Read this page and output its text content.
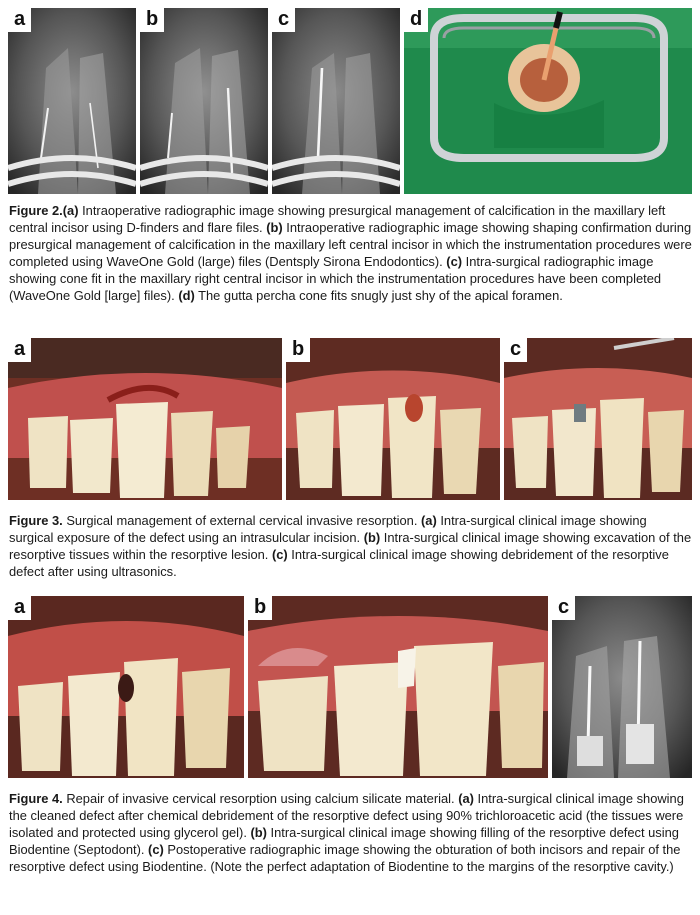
a	b	c	d

Figure 2.(a) Intraoperative radiographic image showing presurgical management of calcification in the maxillary left central incisor using D-finders and flare files. (b) Intraoperative radiographic image showing shaping confirmation during presurgical management of calcification in the maxillary left central incisor in which the instrumentation procedures were completed using WaveOne Gold (large) files (Dentsply Sirona Endodontics). (c) Intra-surgical radiographic image showing cone fit in the maxillary right central incisor in which the instrumentation procedures have been completed (WaveOne Gold [large] files). (d) The gutta percha cone fits snugly just shy of the apical foramen.

a	b	c

Figure 3. Surgical management of external cervical invasive resorption. (a) Intra-surgical clinical image showing surgical exposure of the defect using an intrasulcular incision. (b) Intra-surgical clinical image showing excavation of the resorptive tissues within the resorptive lesion. (c) Intra-surgical clinical image showing debridement of the resorptive defect after using ultrasonics.

a	b	c

Figure 4. Repair of invasive cervical resorption using calcium silicate material. (a) Intra-surgical clinical image showing the cleaned defect after chemical debridement of the resorptive defect using 90% trichloroacetic acid (the tissues were isolated and protected using glycerol gel). (b) Intra-surgical clinical image showing filling of the resorptive defect using Biodentine (Septodont). (c) Postoperative radiographic image showing the obturation of both incisors and repair of the resorptive defect using Biodentine. (Note the perfect adaptation of Biodentine to the margins of the resorptive cavity.)
